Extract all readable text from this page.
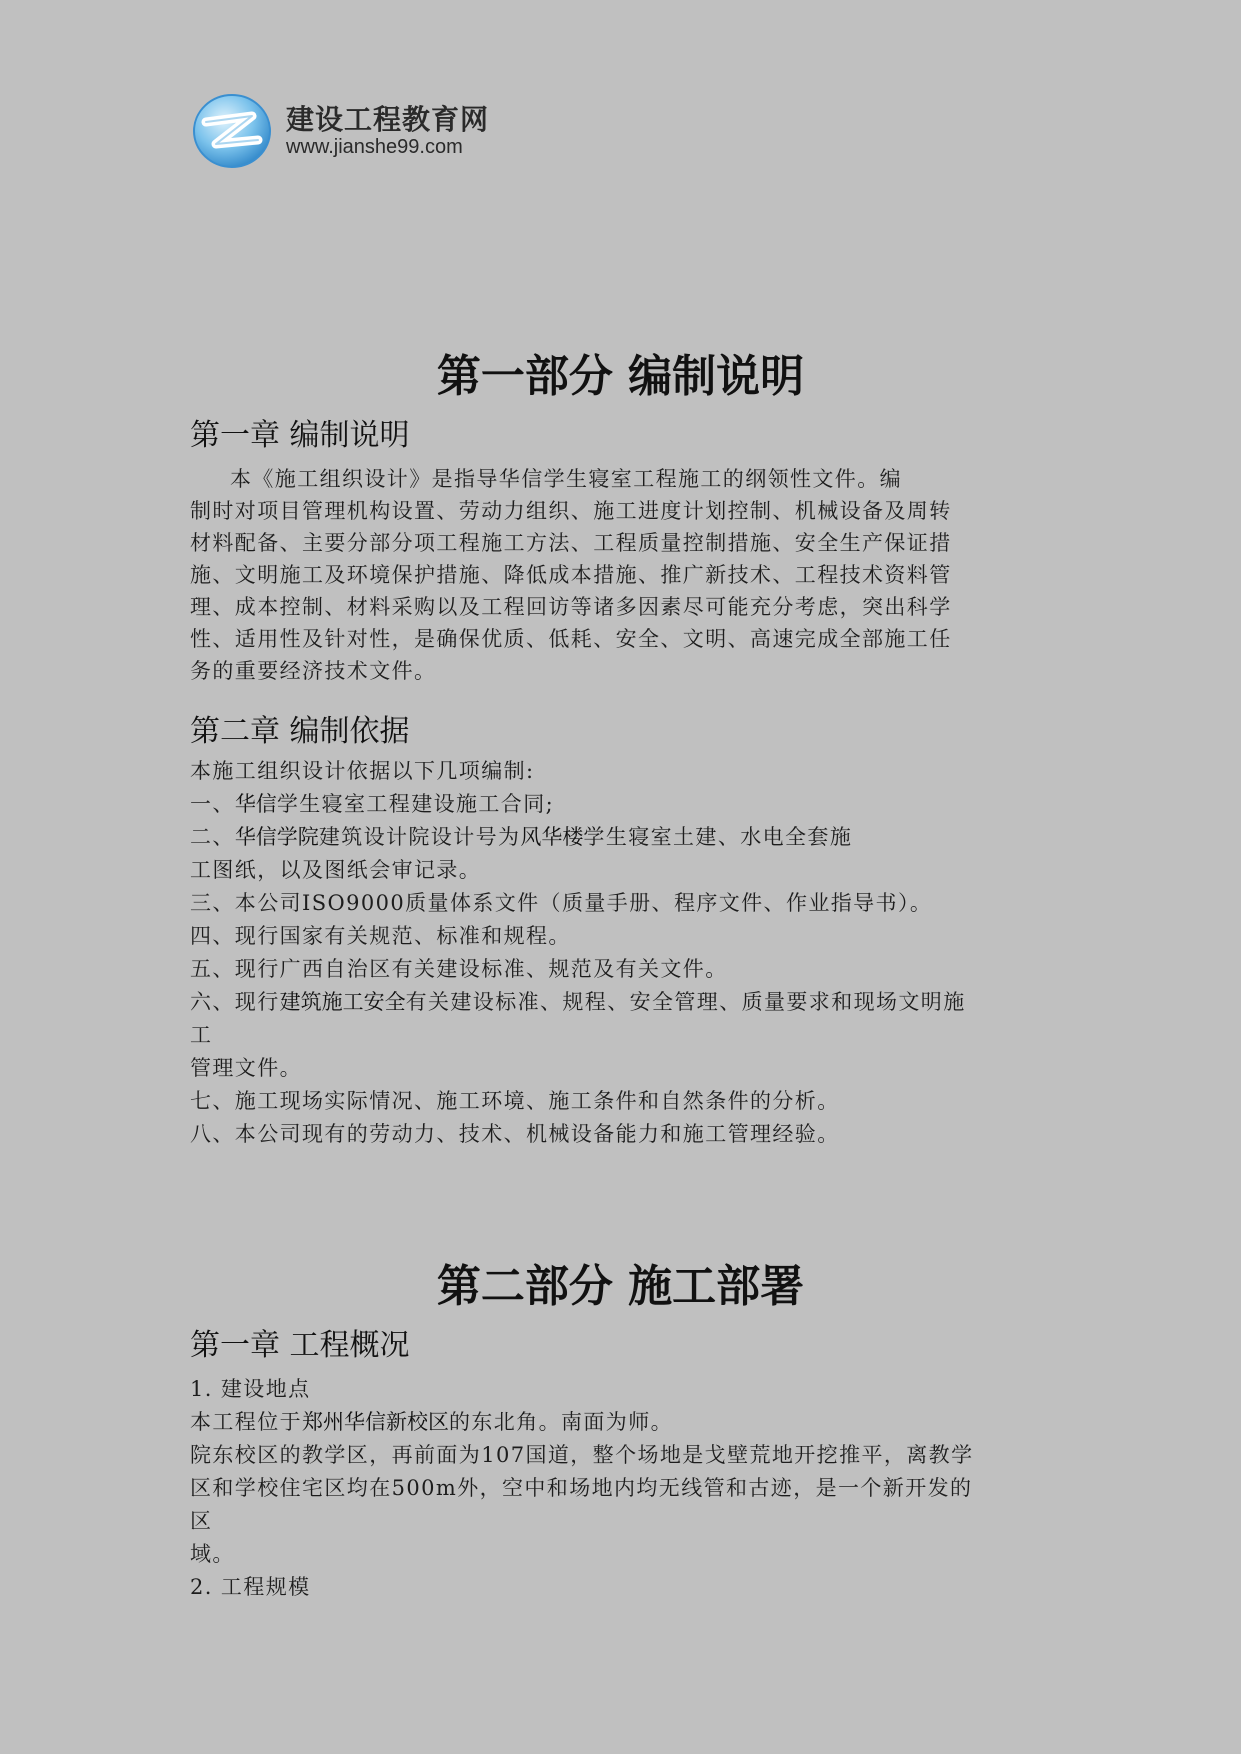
建设工程教育网
www.jianshe99.com
第一部分 编制说明
第一章 编制说明
本《施工组织设计》是指导华信学生寝室工程施工的纲领性文件。编
制时对项目管理机构设置、劳动力组织、施工进度计划控制、机械设备及周转
材料配备、主要分部分项工程施工方法、工程质量控制措施、安全生产保证措
施、文明施工及环境保护措施、降低成本措施、推广新技术、工程技术资料管
理、成本控制、材料采购以及工程回访等诸多因素尽可能充分考虑，突出科学
性、适用性及针对性，是确保优质、低耗、安全、文明、高速完成全部施工任
务的重要经济技术文件。
第二章 编制依据
本施工组织设计依据以下几项编制:
一、华信学生寝室工程建设施工合同;
二、华信学院建筑设计院设计号为风华楼学生寝室土建、水电全套施
工图纸，以及图纸会审记录。
三、本公司ISO9000质量体系文件（质量手册、程序文件、作业指导书）。
四、现行国家有关规范、标准和规程。
五、现行广西自治区有关建设标准、规范及有关文件。
六、现行建筑施工安全有关建设标准、规程、安全管理、质量要求和现场文明施
工
管理文件。
七、施工现场实际情况、施工环境、施工条件和自然条件的分析。
八、本公司现有的劳动力、技术、机械设备能力和施工管理经验。
第二部分 施工部署
第一章 工程概况
1. 建设地点
本工程位于郑州华信新校区的东北角。南面为师。
院东校区的教学区，再前面为107国道，整个场地是戈壁荒地开挖推平，离教学
区和学校住宅区均在500m外，空中和场地内均无线管和古迹，是一个新开发的
区
域。
2. 工程规模
